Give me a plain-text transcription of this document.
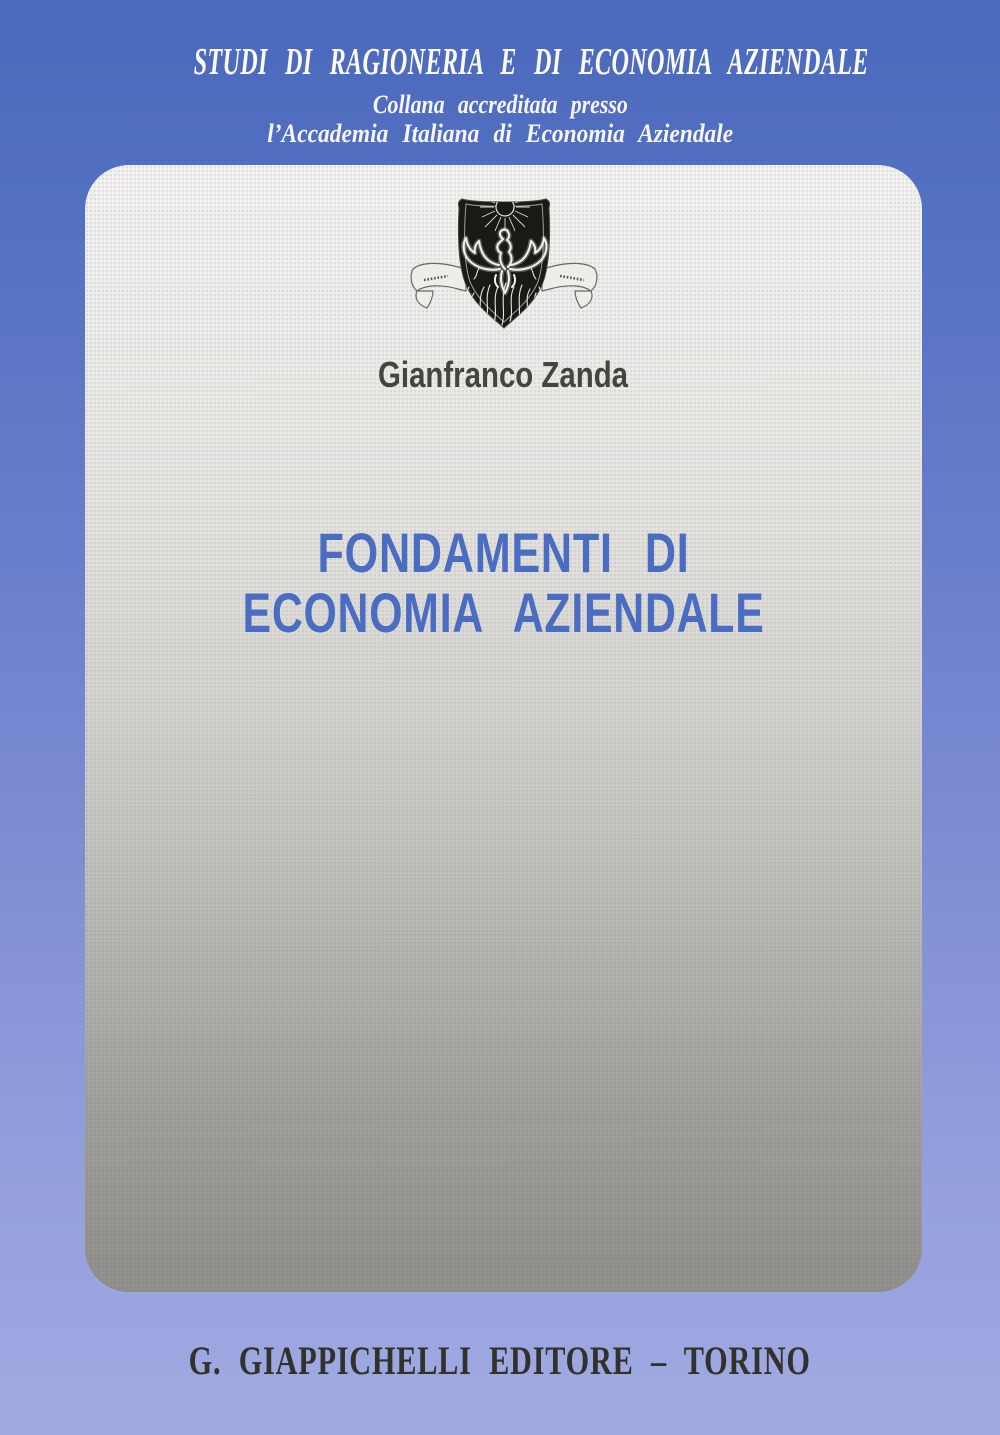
STUDI DI RAGIONERIA E DI ECONOMIA AZIENDALE
Collana accreditata presso
l’Accademia Italiana di Economia Aziendale
Gianfranco Zanda
FONDAMENTI DI
ECONOMIA AZIENDALE
G. GIAPPICHELLI EDITORE – TORINO
